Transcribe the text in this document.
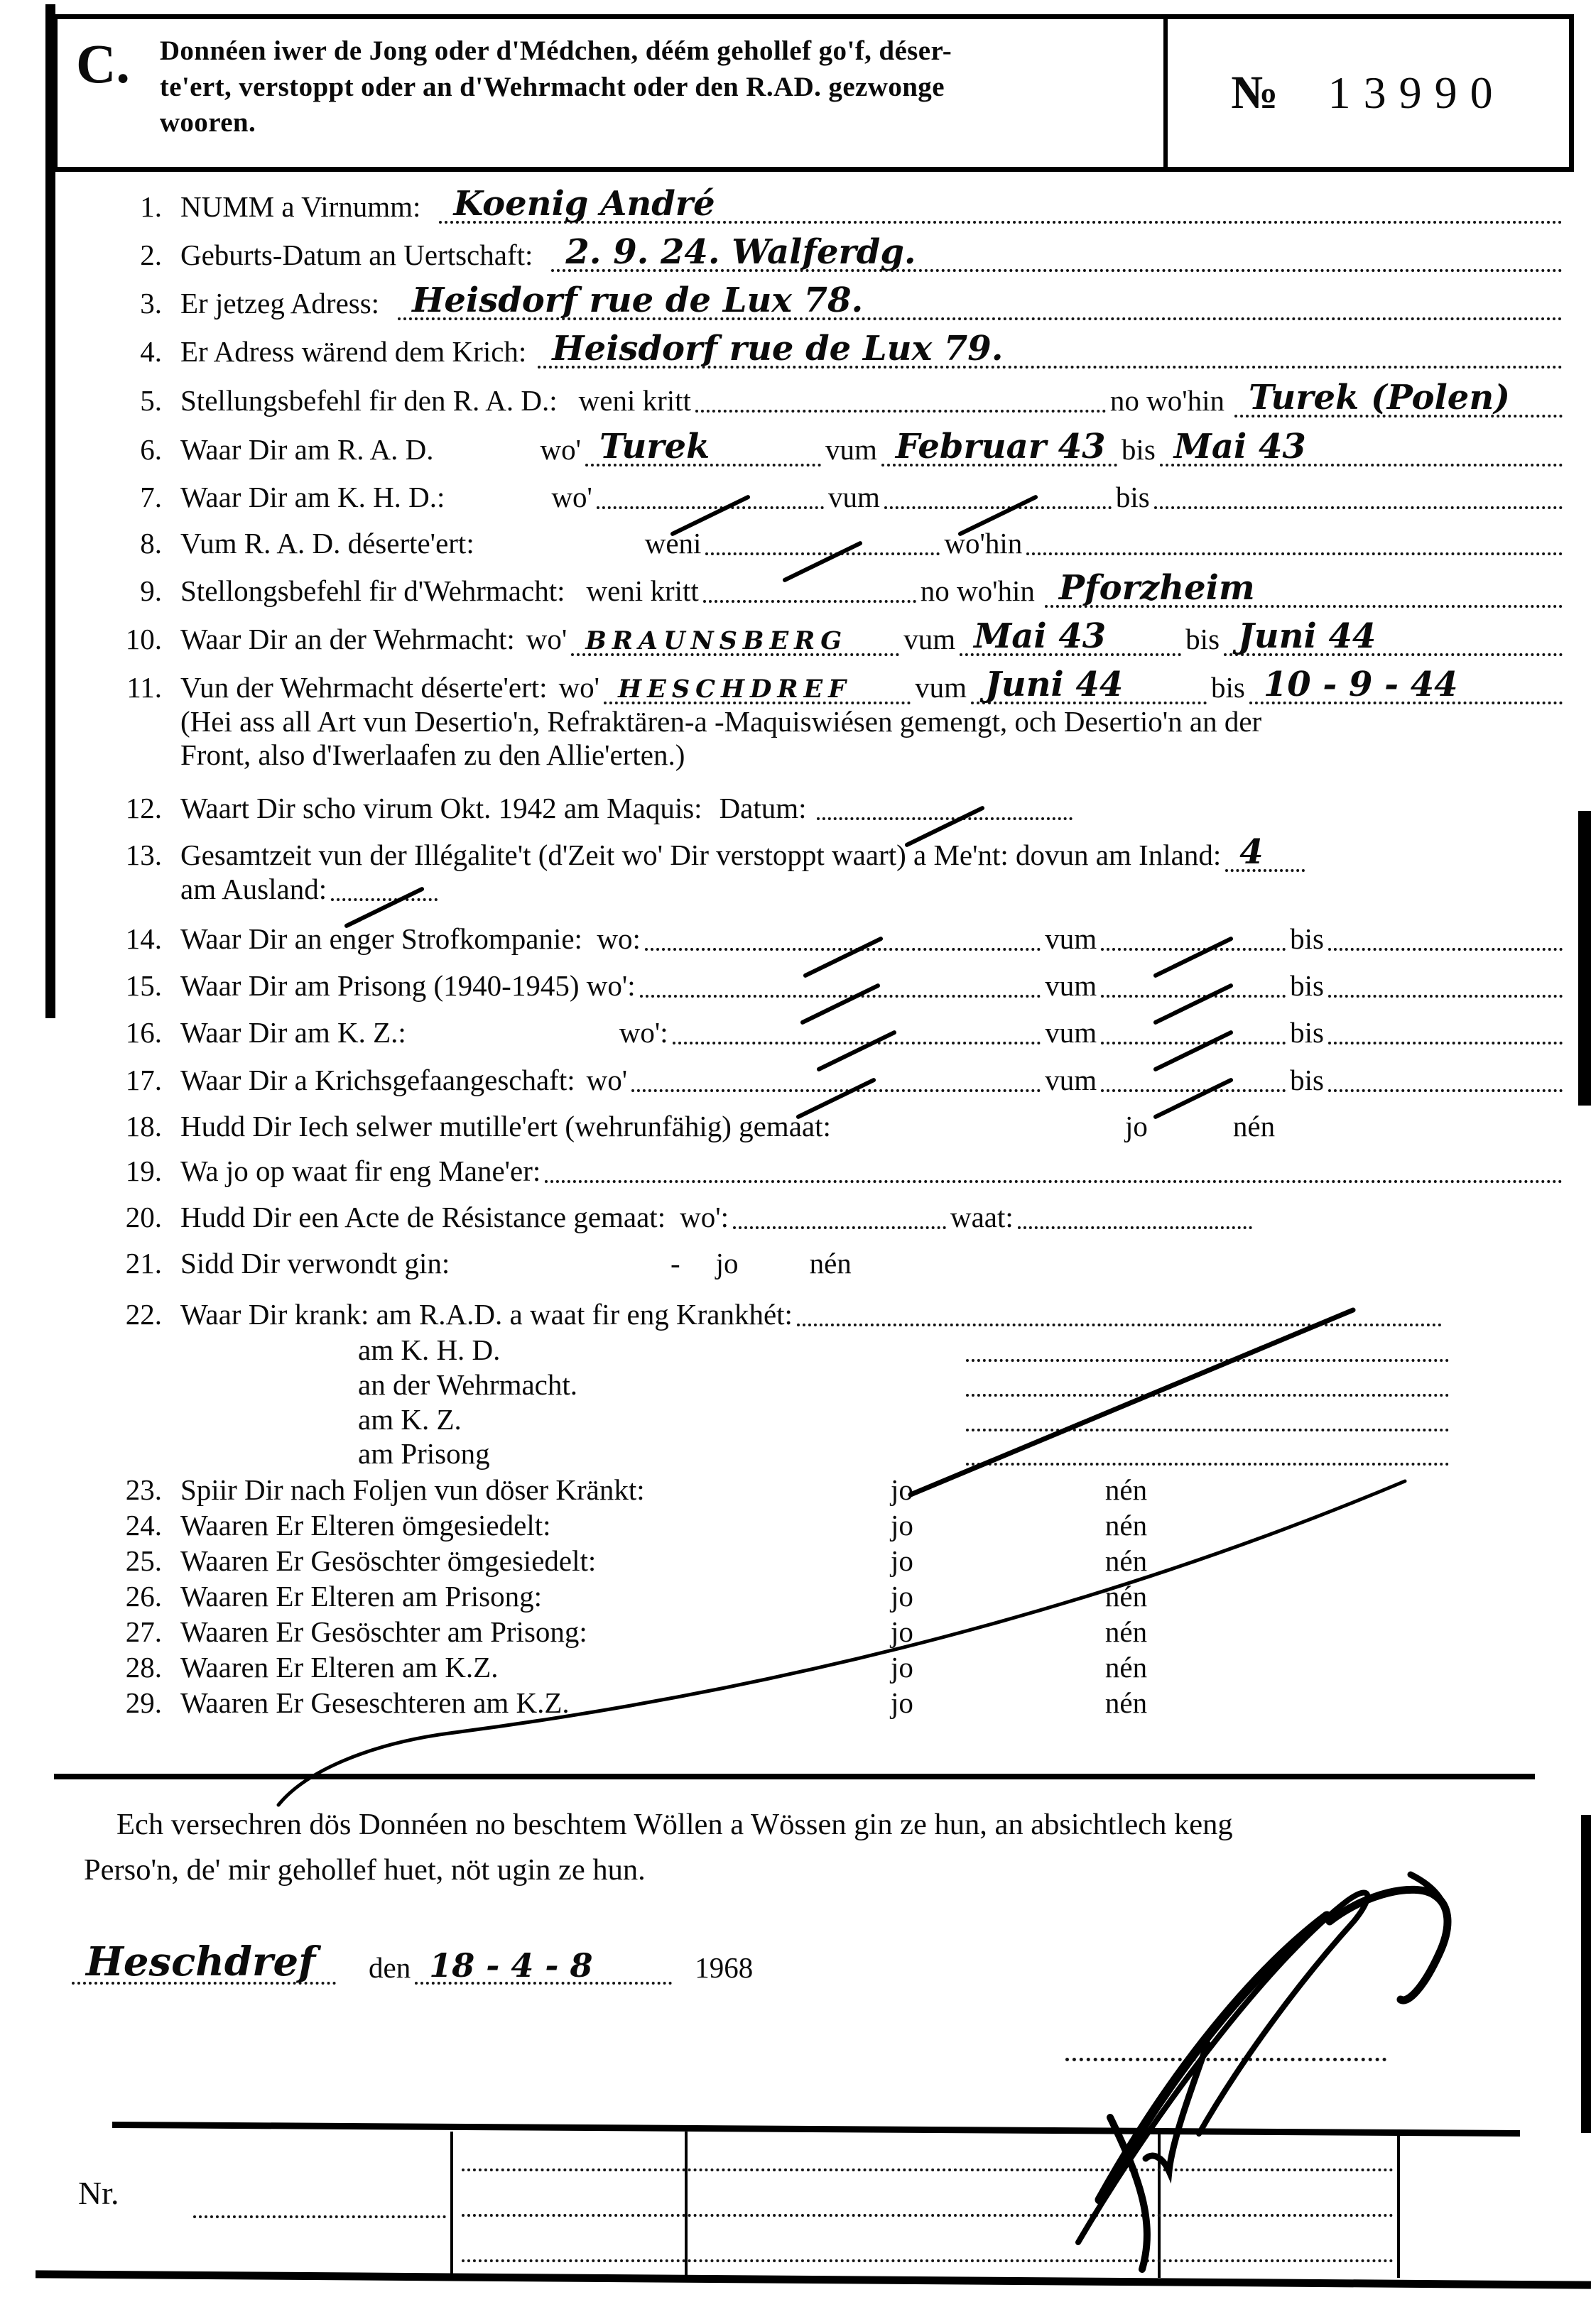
C.	Donnéen iwer de Jong oder d'Médchen, déém gehollef go'f, déser-
te'ert, verstoppt oder an d'Wehrmacht oder den R.AD. gezwonge
wooren.
№ 13990
1. NUMM a Virnumm: Koenig André
2. Geburts-Datum an Uertschaft: 2. 9. 24. Walferdg.
3. Er jetzeg Adress: Heisdorf rue de Lux 78.
4. Er Adress wärend dem Krich: Heisdorf rue de Lux 79.
5. Stellungsbefehl fir den R. A. D.: weni kritt	no wo'hin Turek (Polen)
6. Waar Dir am R. A. D.	wo' Turek	vum Februar 43 bis Mai 43
7. Waar Dir am K. H. D.:	wo'	vum	bis
8. Vum R. A. D. déserte'ert:	weni	wo'hin
9. Stellongsbefehl fir d'Wehrmacht: weni kritt	no wo'hin Pforzheim
10. Waar Dir an der Wehrmacht: wo' BRAUNSBERG	vum Mai 43	bis Juni 44
11. Vun der Wehrmacht déserte'ert: wo' HESCHDREF	vum Juni 44	bis 10 - 9 - 44
(Hei ass all Art vun Desertio'n, Refraktären-a -Maquiswiésen gemengt, och Desertio'n an der
Front, also d'Iwerlaafen zu den Allie'erten.)
12. Waart Dir scho virum Okt. 1942 am Maquis: Datum:
13. Gesamtzeit vun der Illégalite't (d'Zeit wo' Dir verstoppt waart) a Me'nt: dovun am Inland: 4
am Ausland:
14. Waar Dir an enger Strofkompanie:  wo:	vum	bis
15. Waar Dir am Prisong (1940-1945) wo':	vum	bis
16. Waar Dir am K. Z.:	wo':	vum	bis
17. Waar Dir a Krichsgefaangeschaft: wo'	vum	bis
18. Hudd Dir Iech selwer mutille'ert (wehrunfähig) gemaat:	jo	nén
19. Wa jo op waat fir eng Mane'er:
20. Hudd Dir een Acte de Résistance gemaat: wo':	waat:
21. Sidd Dir verwondt gin:	- jo nén
22. Waar Dir krank: am R.A.D. a waat fir eng Krankhét:
am K. H. D.
an der Wehrmacht.
am K. Z.
am Prisong
23. Spiir Dir nach Foljen vun döser Kränkt:	jo	nén
24. Waaren Er Elteren ömgesiedelt:	jo	nén
25. Waaren Er Gesöschter ömgesiedelt:	jo	nén
26. Waaren Er Elteren am Prisong:	jo	nén
27. Waaren Er Gesöschter am Prisong:	jo	nén
28. Waaren Er Elteren am K.Z.	jo	nén
29. Waaren Er Geseschteren am K.Z.	jo	nén
Ech versechren dös Donnéen no beschtem Wöllen a Wössen gin ze hun, an absichtlech keng
Perso'n, de' mir gehollef huet, nöt ugin ze hun.
Heschdref	den 18 - 4 - 8	1968
Nr.
